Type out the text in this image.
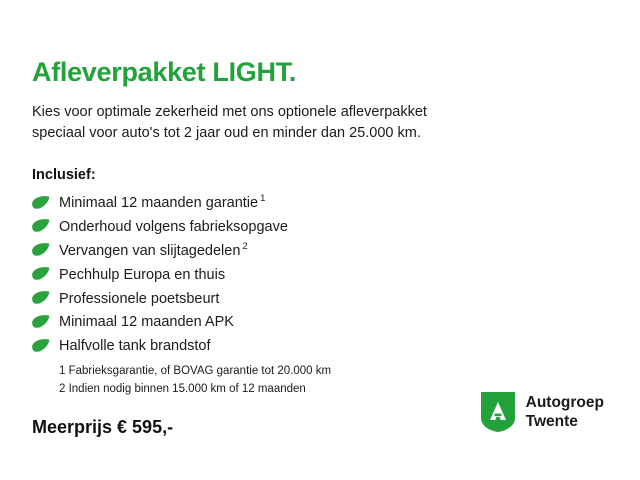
Afleverpakket LIGHT.

Kies voor optimale zekerheid met ons optionele afleverpakket
speciaal voor auto's tot 2 jaar oud en minder dan 25.000 km.

Inclusief:
Minimaal 12 maanden garantie $^1$
Onderhoud volgens fabrieksopgave
Vervangen van slijtagedelen $^2$
Pechhulp Europa en thuis
Professionele poetsbeurt
Minimaal 12 maanden APK
Halfvolle tank brandstof
1 Fabrieksgarantie, of BOVAG garantie tot 20.000 km
2 Indien nodig binnen 15.000 km of 12 maanden
Meerprijs € 595,-
Autogroep
Twente
